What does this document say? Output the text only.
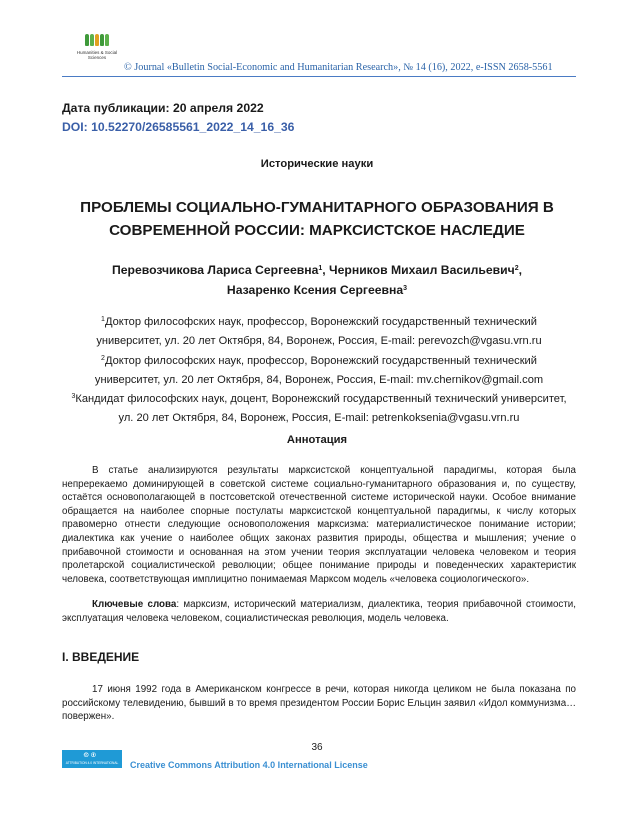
Humanities & Social
Sciences
© Journal «Bulletin Social-Economic and Humanitarian Research», № 14 (16), 2022, e-ISSN 2658-5561
Дата публикации: 20 апреля 2022
DOI: 10.52270/26585561_2022_14_16_36
Исторические науки
ПРОБЛЕМЫ СОЦИАЛЬНО-ГУМАНИТАРНОГО ОБРАЗОВАНИЯ В
СОВРЕМЕННОЙ РОССИИ: МАРКСИСТСКОЕ НАСЛЕДИЕ
Перевозчикова Лариса Сергеевна$^1$, Черников Михаил Васильевич$^2$,
Назаренко Ксения Сергеевна$^3$
$^1$Доктор философских наук, профессор, Воронежский государственный технический
университет, ул. 20 лет Октября, 84, Воронеж, Россия, E-mail: perevozch@vgasu.vrn.ru
$^2$Доктор философских наук, профессор, Воронежский государственный технический
университет, ул. 20 лет Октября, 84, Воронеж, Россия, E-mail: mv.chernikov@gmail.com
$^3$Кандидат философских наук, доцент, Воронежский государственный технический университет,
ул. 20 лет Октября, 84, Воронеж, Россия, E-mail: petrenkoksenia@vgasu.vrn.ru
Аннотация

В статье анализируются результаты марксистской концептуальной парадигмы, которая была непререкаемо доминирующей в советской системе социально-гуманитарного образования и, по существу, остаётся основополагающей в постсоветской отечественной системе исторической науки. Особое внимание обращается на наиболее спорные постулаты марксистской концептуальной парадигмы, к числу которых правомерно отнести следующие основоположения марксизма: материалистическое понимание истории; диалектика как учение о наиболее общих законах развития природы, общества и мышления; учение о прибавочной стоимости и основанная на этом учении теория эксплуатации человека человеком и теория пролетарской социалистической революции; общее понимание природы и поведенческих характеристик человека, соответствующая имплицитно понимаемая Марксом модель «человека социологического».

Ключевые слова: марксизм, исторический материализм, диалектика, теория прибавочной стоимости, эксплуатация человека человеком, социалистическая революция, модель человека.

I. ВВЕДЕНИЕ

17 июня 1992 года в Американском конгрессе в речи, которая никогда целиком не была показана по российскому телевидению, бывший в то время президентом России Борис Ельцин заявил «Идол коммунизма… повержен».

36
🅭 🅯
ATTRIBUTION 4.0 INTERNATIONAL Creative Commons Attribution 4.0 International License
